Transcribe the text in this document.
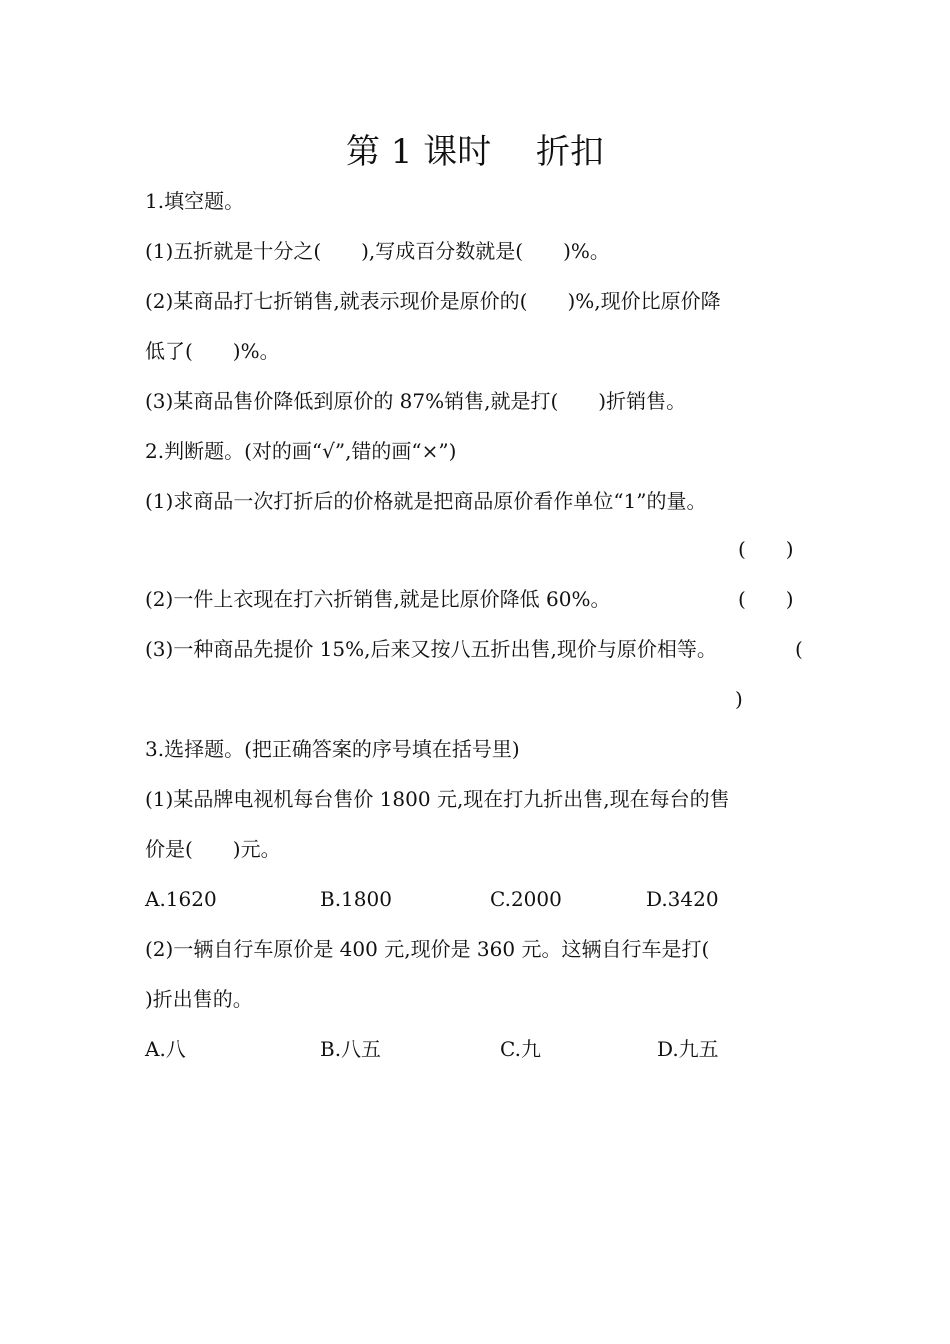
第 1 课时　 折扣
1.填空题。
(1)五折就是十分之(　　),写成百分数就是(　　)%。
(2)某商品打七折销售,就表示现价是原价的(　　)%,现价比原价降
低了(　　)%。
(3)某商品售价降低到原价的 87%销售,就是打(　　)折销售。
2.判断题。(对的画“√”,错的画“×”)
(1)求商品一次打折后的价格就是把商品原价看作单位“1”的量。
(　　)
(2)一件上衣现在打六折销售,就是比原价降低 60%。	(　　)
(3)一种商品先提价 15%,后来又按八五折出售,现价与原价相等。	(
)
3.选择题。(把正确答案的序号填在括号里)
(1)某品牌电视机每台售价 1800 元,现在打九折出售,现在每台的售
价是(　　)元。
A.1620	B.1800	C.2000	D.3420
(2)一辆自行车原价是 400 元,现价是 360 元。这辆自行车是打(
)折出售的。
A.八	B.八五	C.九	D.九五
